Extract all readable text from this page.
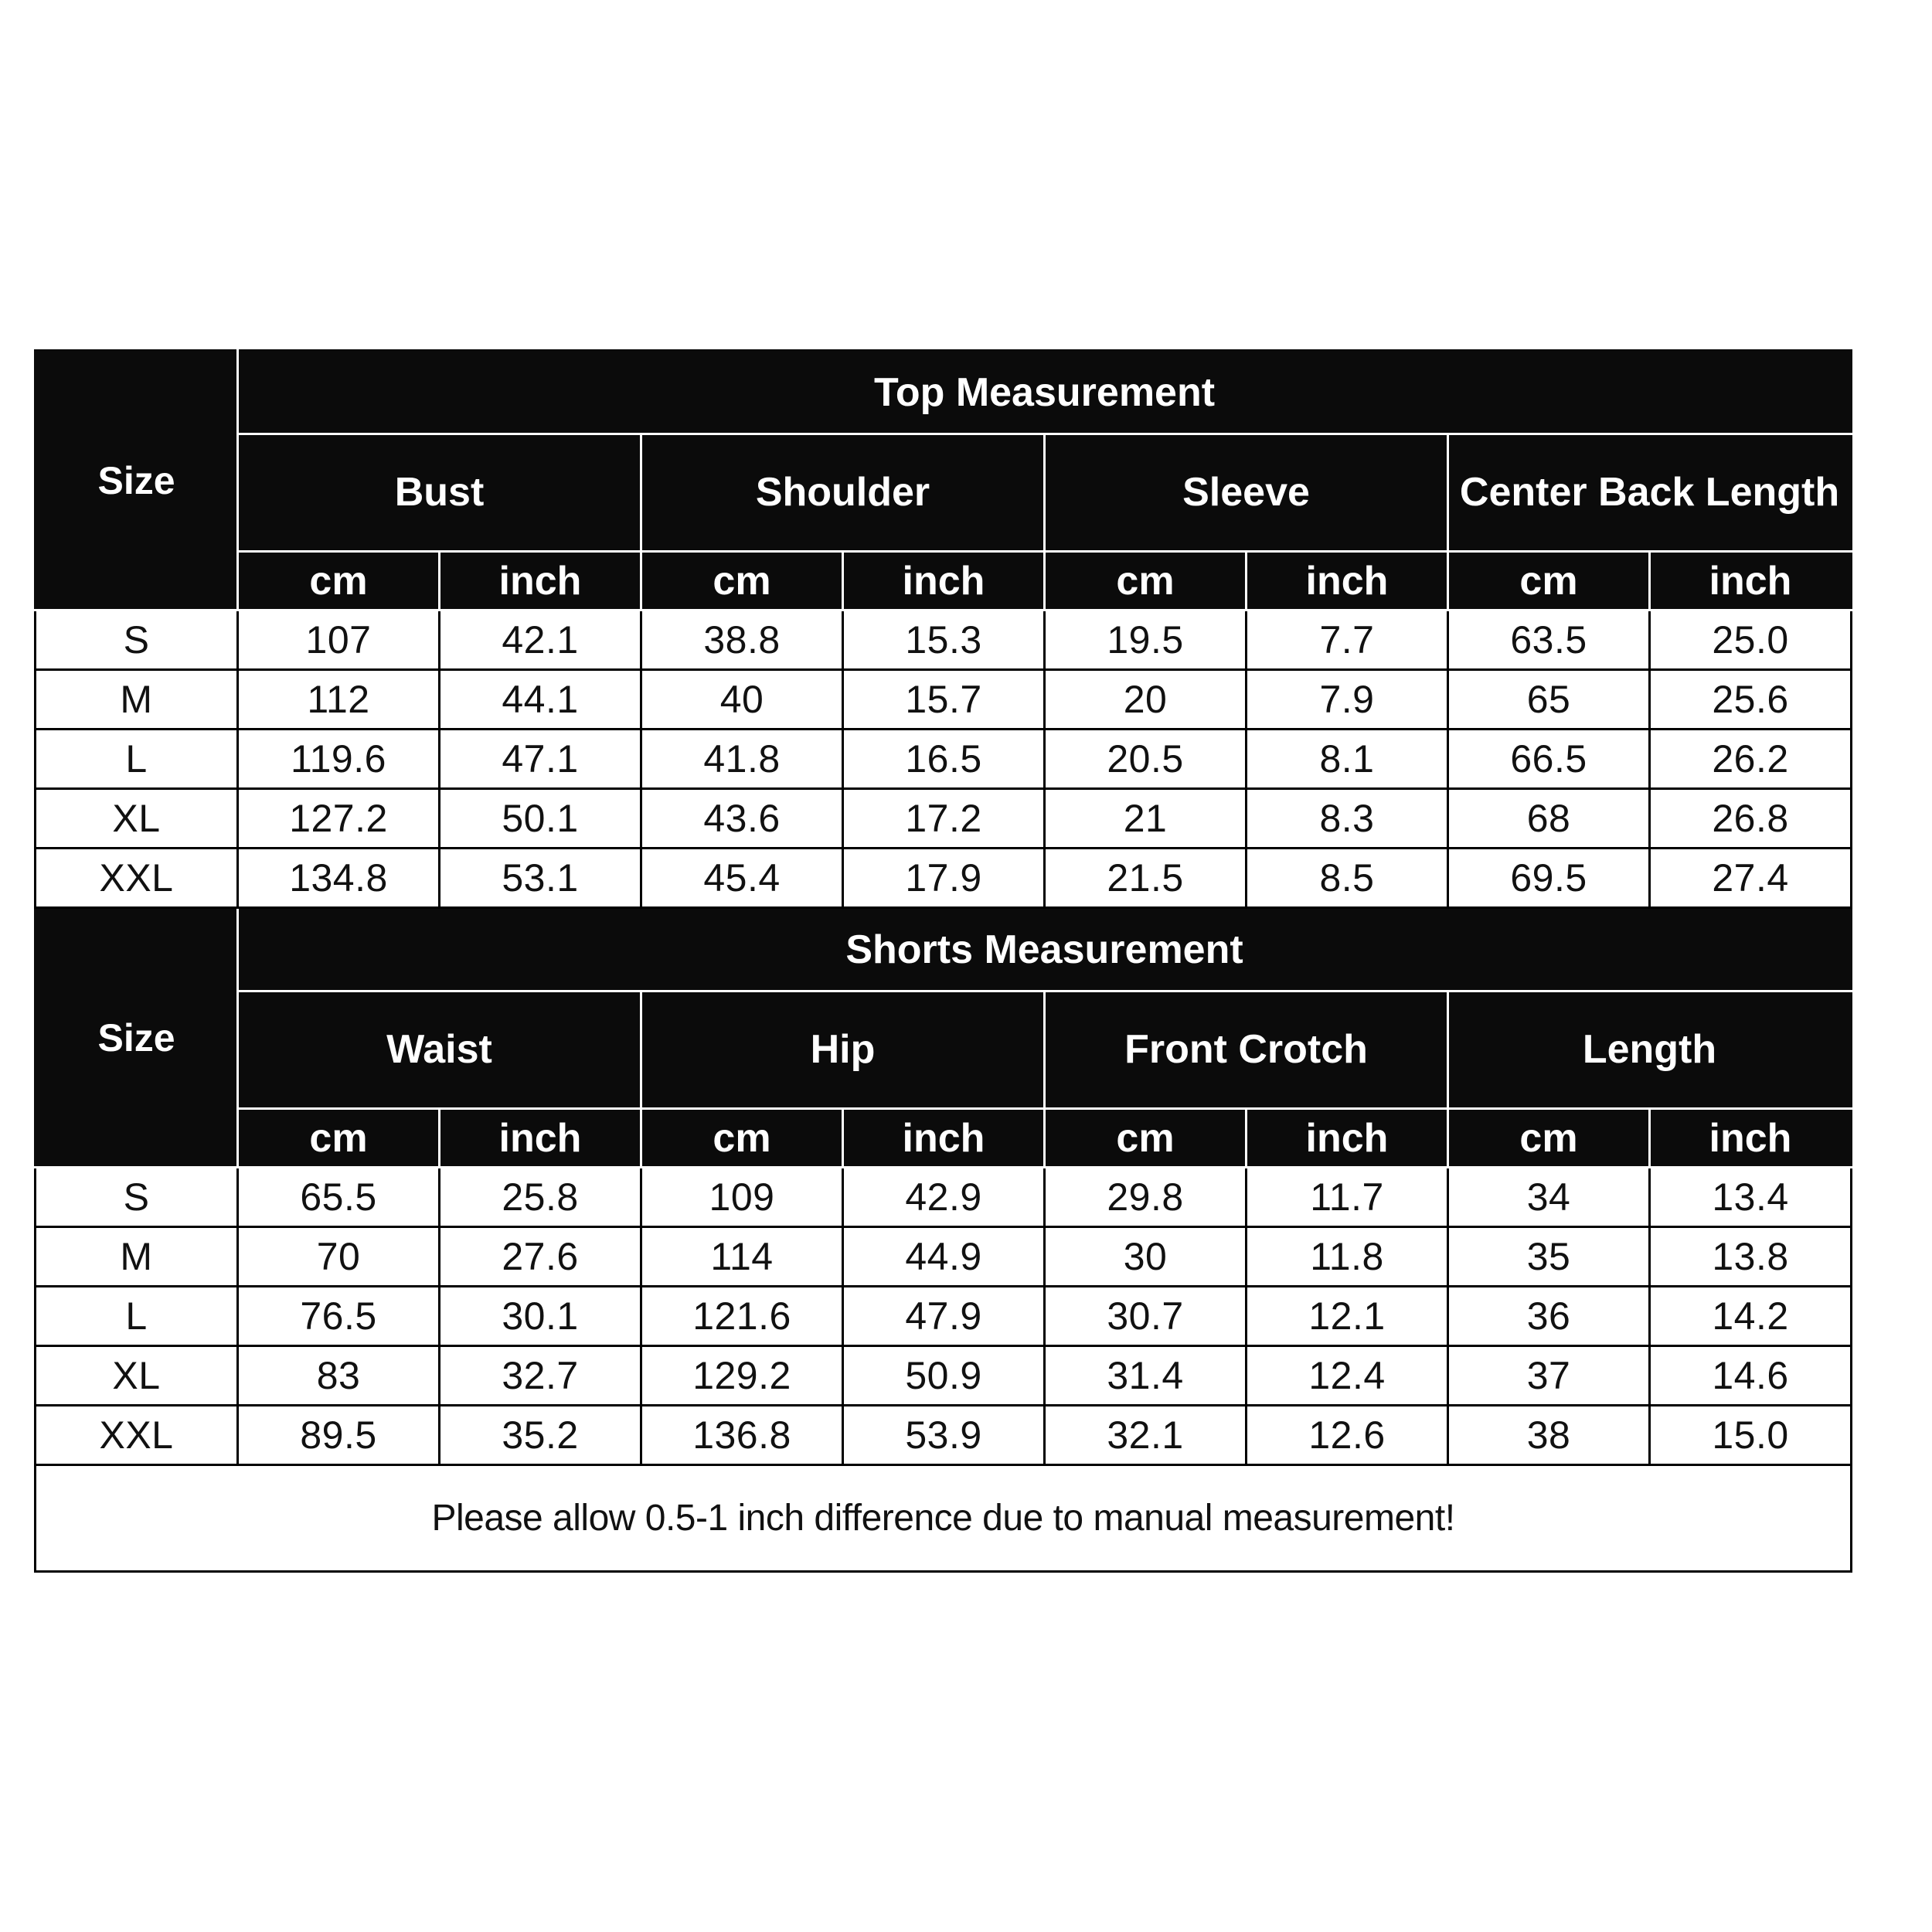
Size	Top Measurement							
	Bust		Shoulder		Sleeve		Center Back Length	
	cm	inch	cm	inch	cm	inch	cm	inch
S	107	42.1	38.8	15.3	19.5	7.7	63.5	25.0
M	112	44.1	40	15.7	20	7.9	65	25.6
L	119.6	47.1	41.8	16.5	20.5	8.1	66.5	26.2
XL	127.2	50.1	43.6	17.2	21	8.3	68	26.8
XXL	134.8	53.1	45.4	17.9	21.5	8.5	69.5	27.4
Size	Shorts Measurement							
	Waist		Hip		Front Crotch		Length	
	cm	inch	cm	inch	cm	inch	cm	inch
S	65.5	25.8	109	42.9	29.8	11.7	34	13.4
M	70	27.6	114	44.9	30	11.8	35	13.8
L	76.5	30.1	121.6	47.9	30.7	12.1	36	14.2
XL	83	32.7	129.2	50.9	31.4	12.4	37	14.6
XXL	89.5	35.2	136.8	53.9	32.1	12.6	38	15.0
Please allow 0.5-1 inch difference due to manual measurement!								
